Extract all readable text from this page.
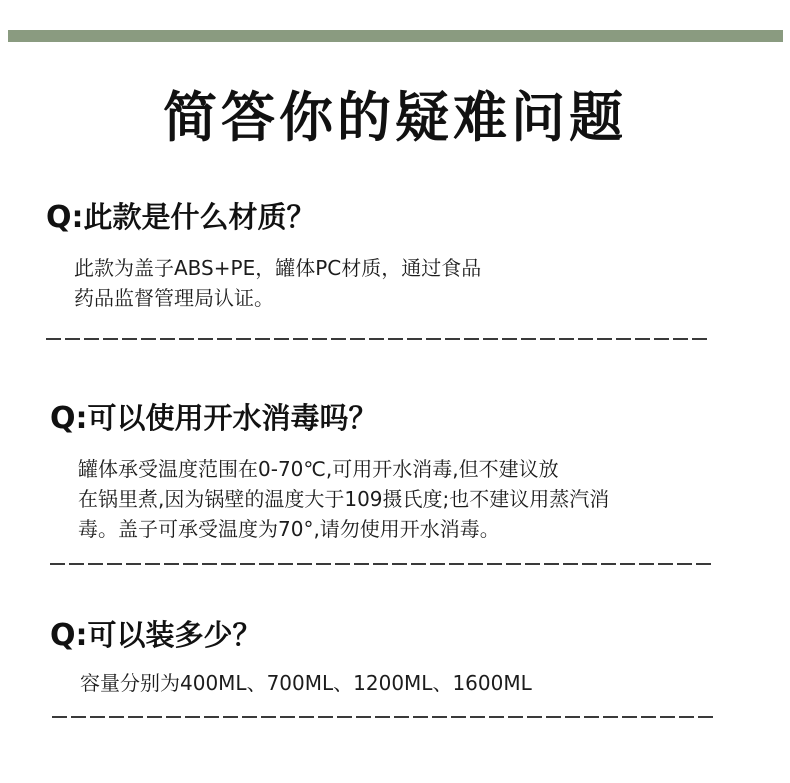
简答你的疑难问题
Q:此款是什么材质？
此款为盖子ABS+PE，罐体PC材质，通过食品
药品监督管理局认证。
Q:可以使用开水消毒吗？
罐体承受温度范围在0-70℃,可用开水消毒,但不建议放
在锅里煮,因为锅壁的温度大于109摄氏度;也不建议用蒸汽消
毒。盖子可承受温度为70°,请勿使用开水消毒。
Q:可以装多少？
容量分别为400ML、700ML、1200ML、1600ML
